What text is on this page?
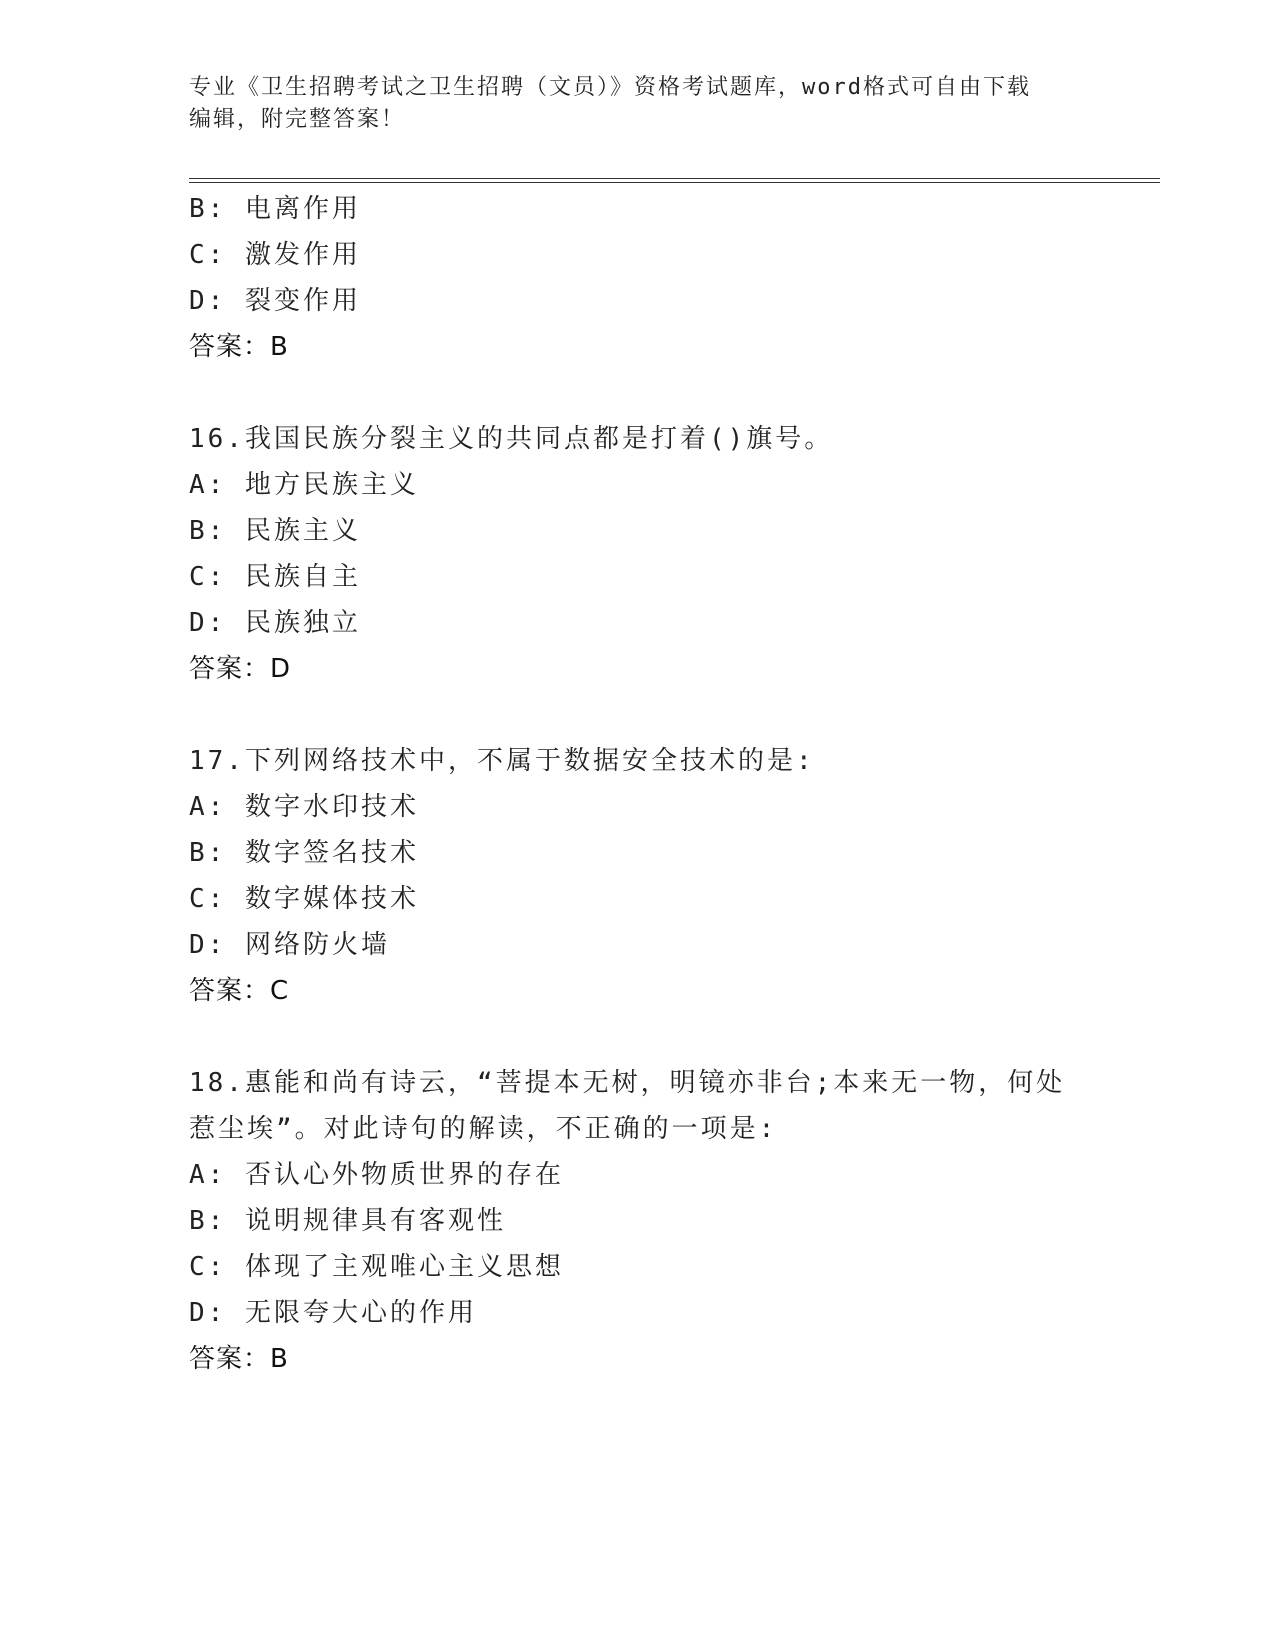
专业《卫生招聘考试之卫生招聘（文员）》资格考试题库，word格式可自由下载
编辑，附完整答案！
B: 电离作用
C: 激发作用
D: 裂变作用
答案：B
16.我国民族分裂主义的共同点都是打着()旗号。
A: 地方民族主义
B: 民族主义
C: 民族自主
D: 民族独立
答案：D
17.下列网络技术中，不属于数据安全技术的是:
A: 数字水印技术
B: 数字签名技术
C: 数字媒体技术
D: 网络防火墙
答案：C
18.惠能和尚有诗云，“菩提本无树，明镜亦非台;本来无一物，何处
惹尘埃”。对此诗句的解读，不正确的一项是:
A: 否认心外物质世界的存在
B: 说明规律具有客观性
C: 体现了主观唯心主义思想
D: 无限夸大心的作用
答案：B
